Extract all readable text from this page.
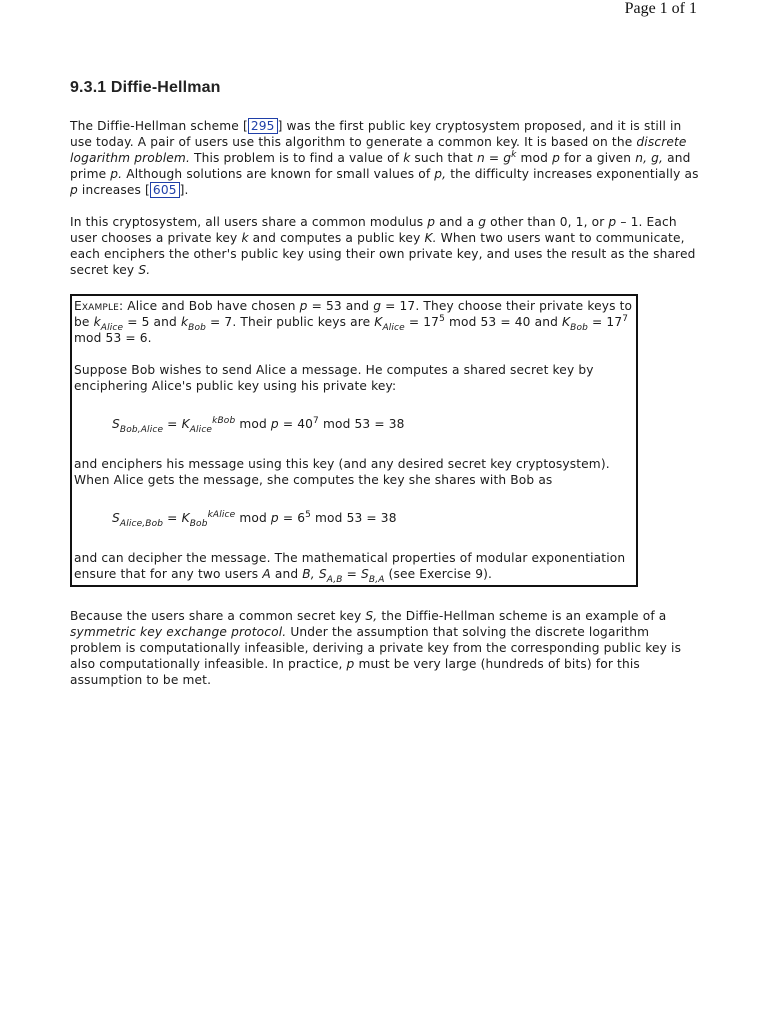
Page 1 of 1
9.3.1 Diffie-Hellman

The Diffie-Hellman scheme [ 295 ] was the first public key cryptosystem proposed, and it is still in use today. A pair of users use this algorithm to generate a common key. It is based on the discrete logarithm problem. This problem is to find a value of k such that $n = g^k$ mod p for a given n, g, and prime p. Although solutions are known for small values of p, the difficulty increases exponentially as p increases [ 605 ].

In this cryptosystem, all users share a common modulus p and a g other than 0, 1, or p – 1. Each user chooses a private key k and computes a public key K. When two users want to communicate, each enciphers the other's public key using their own private key, and uses the result as the shared secret key S.

Example: Alice and Bob have chosen p = 53 and g = 17. They choose their private keys to be $k_{Alice} = 5$ and $k_{Bob} = 7$. Their public keys are $K_{Alice} = 17^5$ mod 53 = 40 and $K_{Bob} = 17^7$ mod 53 = 6.

Suppose Bob wishes to send Alice a message. He computes a shared secret key by enciphering Alice's public key using his private key:

$S_{Bob,Alice} = K_{Alice}^{kBob}$ mod $p = 40^7$ mod 53 = 38

and enciphers his message using this key (and any desired secret key cryptosystem). When Alice gets the message, she computes the key she shares with Bob as

$S_{Alice,Bob} = K_{Bob}^{kAlice}$ mod $p = 6^5$ mod 53 = 38

and can decipher the message. The mathematical properties of modular exponentiation ensure that for any two users A and B, $S_{A,B} = S_{B,A}$ (see Exercise 9).

Because the users share a common secret key S, the Diffie-Hellman scheme is an example of a symmetric key exchange protocol. Under the assumption that solving the discrete logarithm problem is computationally infeasible, deriving a private key from the corresponding public key is also computationally infeasible. In practice, p must be very large (hundreds of bits) for this assumption to be met.
